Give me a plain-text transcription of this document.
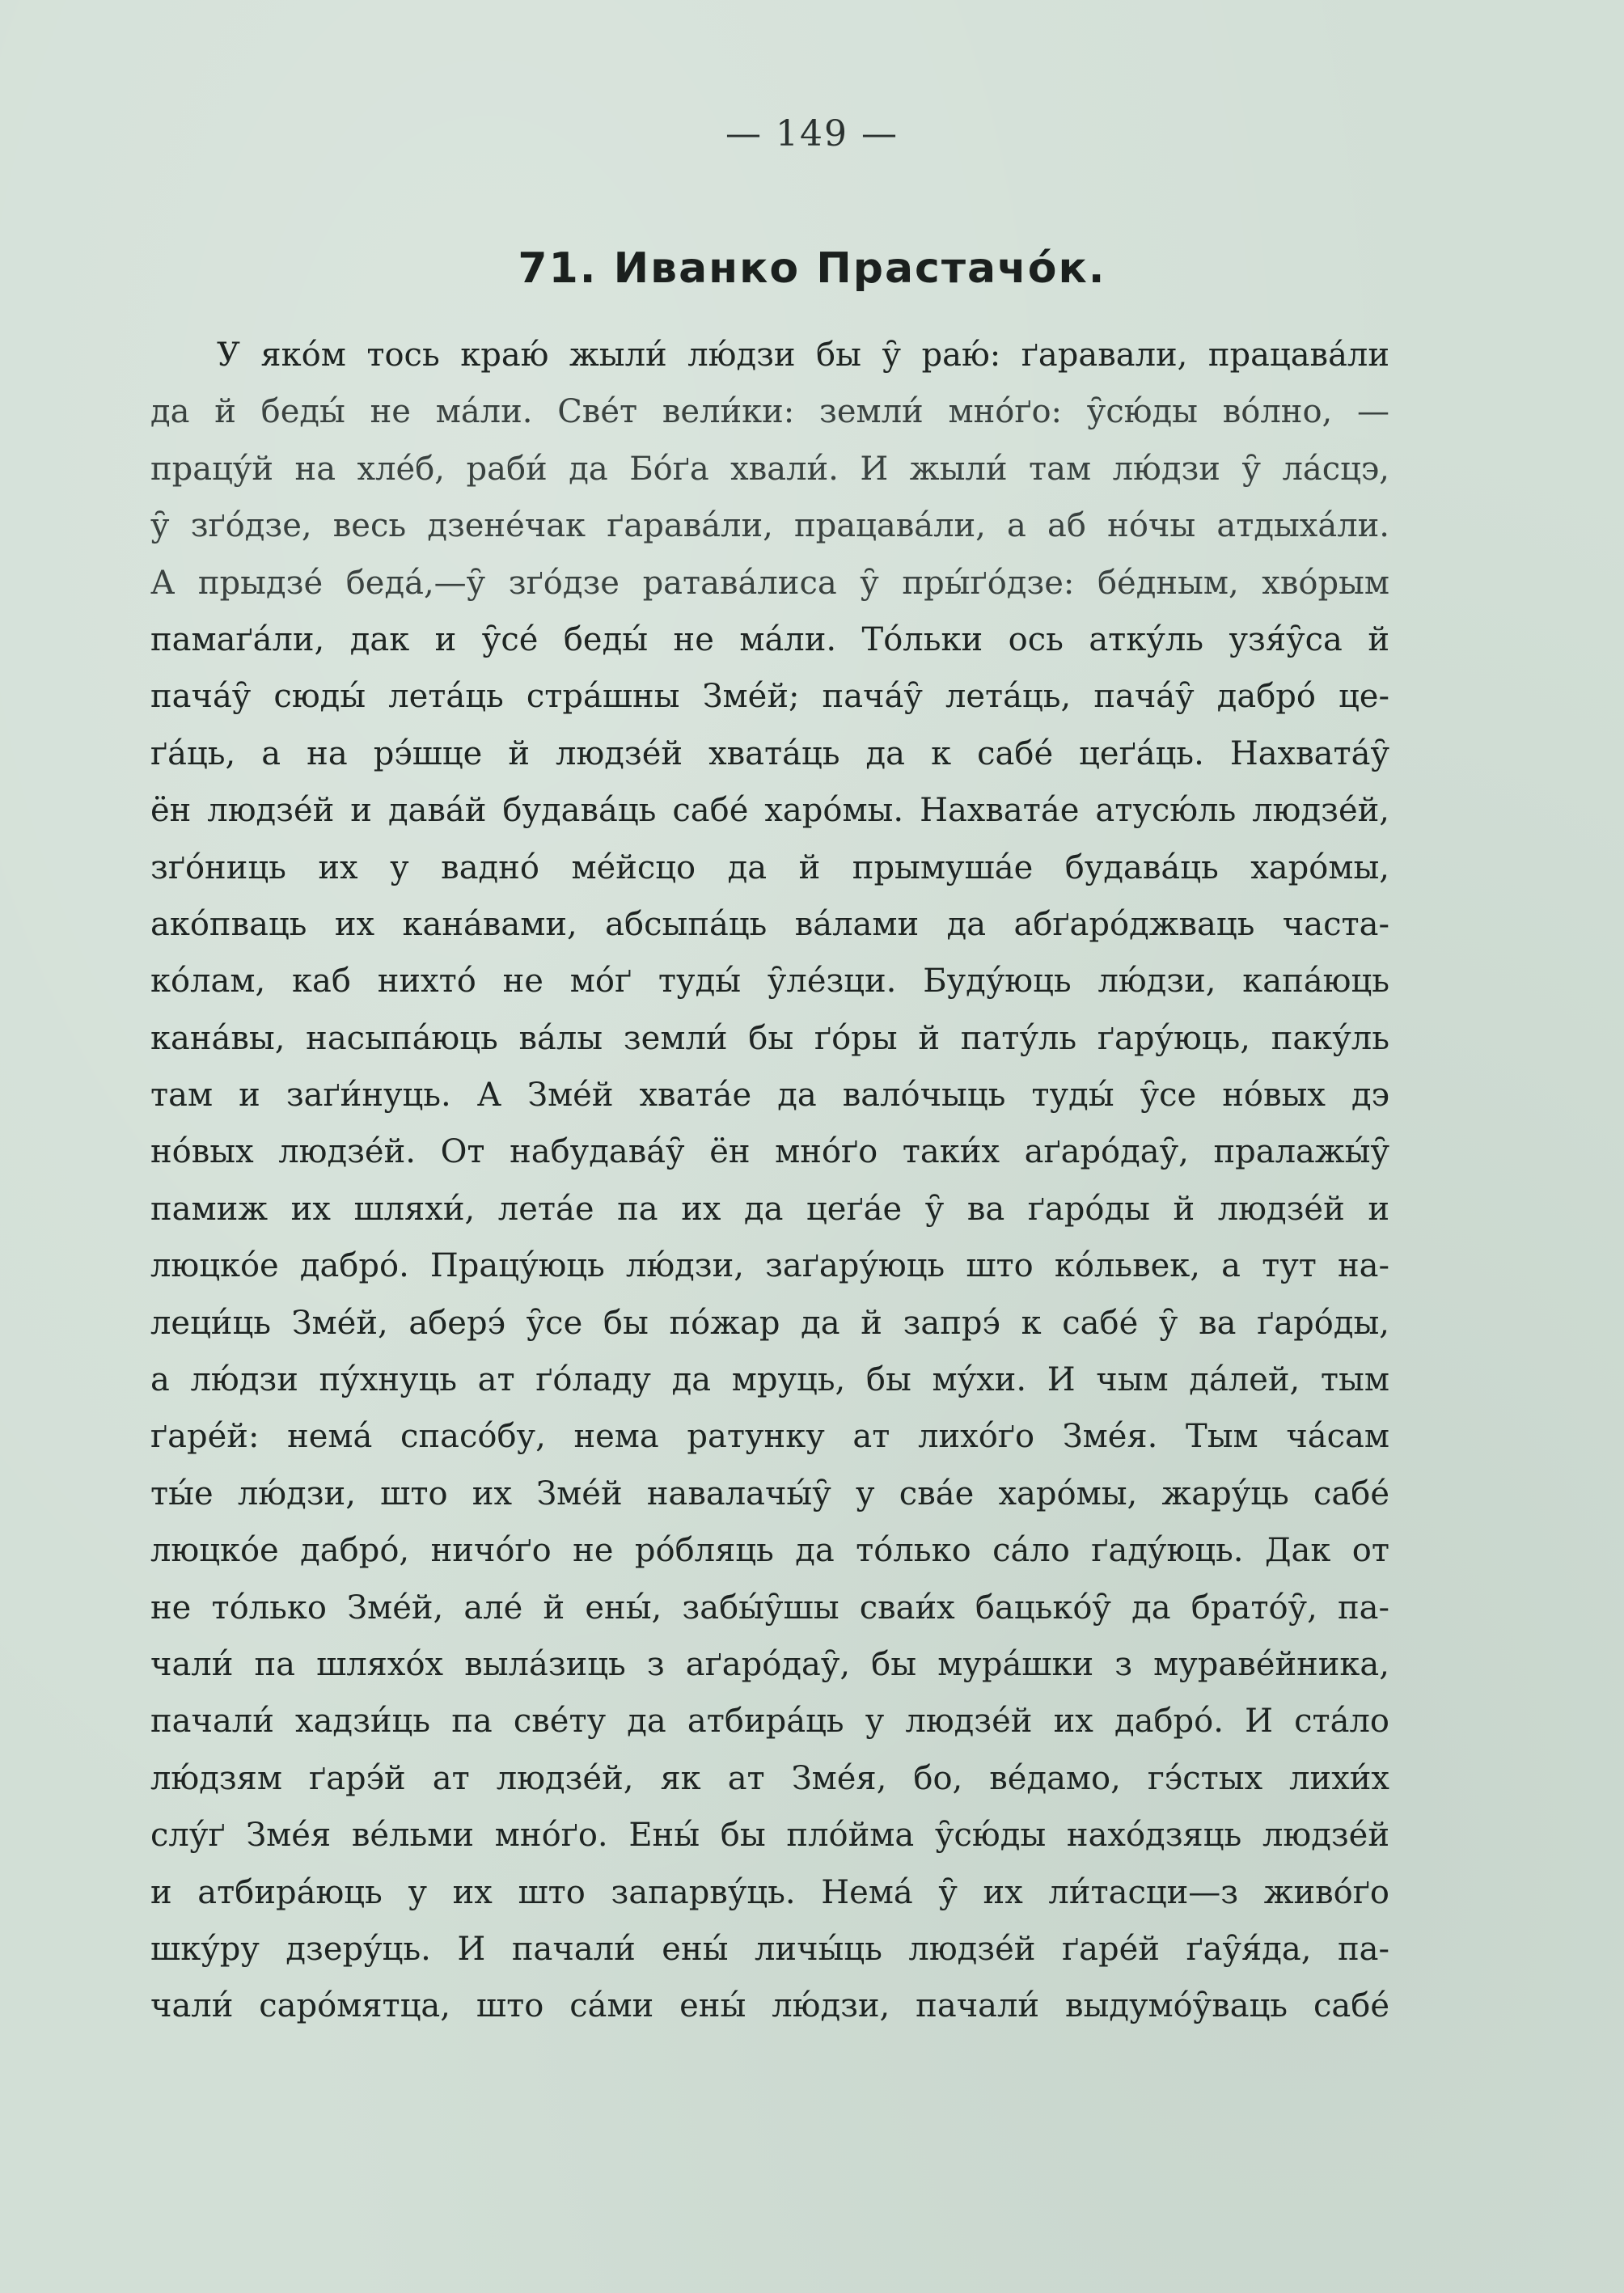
— 149 —
71. Иванко Прастачо́к.
У яко́м тось краю́ жыли́ лю́дзи бы у̑ раю́: ґаравали, працава́ли
да й беды́ не ма́ли. Све́т вели́ки: земли́ мно́ґо: у̑сю́ды во́лно, —
працу́й на хле́б, раби́ да Бо́ґа хвали́. И жыли́ там лю́дзи у̑ ла́сцэ,
у̑ зґо́дзе, весь дзене́чак ґарава́ли, працава́ли, а аб но́чы атдыха́ли.
А прыдзе́ беда́,—у̑ зґо́дзе ратава́лиса у̑ пры́ґо́дзе: бе́дным, хво́рым
памаґа́ли, дак и у̑се́ беды́ не ма́ли. То́льки ось атку́ль узя́у̑са й
пача́у̑ сюды́ лета́ць стра́шны Зме́й; пача́у̑ лета́ць, пача́у̑ дабро́ це-
ґа́ць, а на рэ́шце й людзе́й хвата́ць да к сабе́ цеґа́ць. Нахвата́у̑
ён людзе́й и дава́й будава́ць сабе́ харо́мы. Нахвата́е атусю́ль людзе́й,
зґо́ниць их у вадно́ ме́йсцо да й прымуша́е будава́ць харо́мы,
ако́пваць их кана́вами, абсыпа́ць ва́лами да абґаро́джваць часта-
ко́лам, каб нихто́ не мо́ґ туды́ у̑ле́зци. Буду́юць лю́дзи, капа́юць
кана́вы, насыпа́юць ва́лы земли́ бы ґо́ры й пату́ль ґару́юць, паку́ль
там и заґи́нуць. А Зме́й хвата́е да вало́чыць туды́ у̑се но́вых дэ
но́вых людзе́й. От набудава́у̑ ён мно́ґо таки́х аґаро́дау̑, пралажы́у̑
памиж их шляхи́, лета́е па их да цеґа́е у̑ ва ґаро́ды й людзе́й и
люцко́е дабро́. Працу́юць лю́дзи, заґару́юць што ко́львек, а тут на-
леци́ць Зме́й, аберэ́ у̑се бы по́жар да й запрэ́ к сабе́ у̑ ва ґаро́ды,
а лю́дзи пу́хнуць ат ґо́ладу да мруць, бы му́хи. И чым да́лей, тым
ґаре́й: нема́ спасо́бу, нема ратунку ат лихо́ґо Зме́я. Тым ча́сам
ты́е лю́дзи, што их Зме́й навалачы́у̑ у сва́е харо́мы, жару́ць сабе́
люцко́е дабро́, ничо́ґо не ро́бляць да то́лько са́ло ґаду́юць. Дак от
не то́лько Зме́й, але́ й ены́, забы́у̑шы сваи́х бацько́у̑ да брато́у̑, па-
чали́ па шляхо́х выла́зиць з аґаро́дау̑, бы мура́шки з мураве́йника,
пачали́ хадзи́ць па све́ту да атбира́ць у людзе́й их дабро́. И ста́ло
лю́дзям ґарэ́й ат людзе́й, як ат Зме́я, бо, ве́дамо, гэ́стых лихи́х
слу́ґ Зме́я ве́льми мно́ґо. Ены́ бы пло́йма у̑сю́ды нахо́дзяць людзе́й
и атбира́юць у их што запарву́ць. Нема́ у̑ их ли́тасци—з живо́ґо
шку́ру дзеру́ць. И пачали́ ены́ личы́ць людзе́й ґаре́й ґау̑я́да, па-
чали́ саро́мятца, што са́ми ены́ лю́дзи, пачали́ выдумо́у̑ваць сабе́
